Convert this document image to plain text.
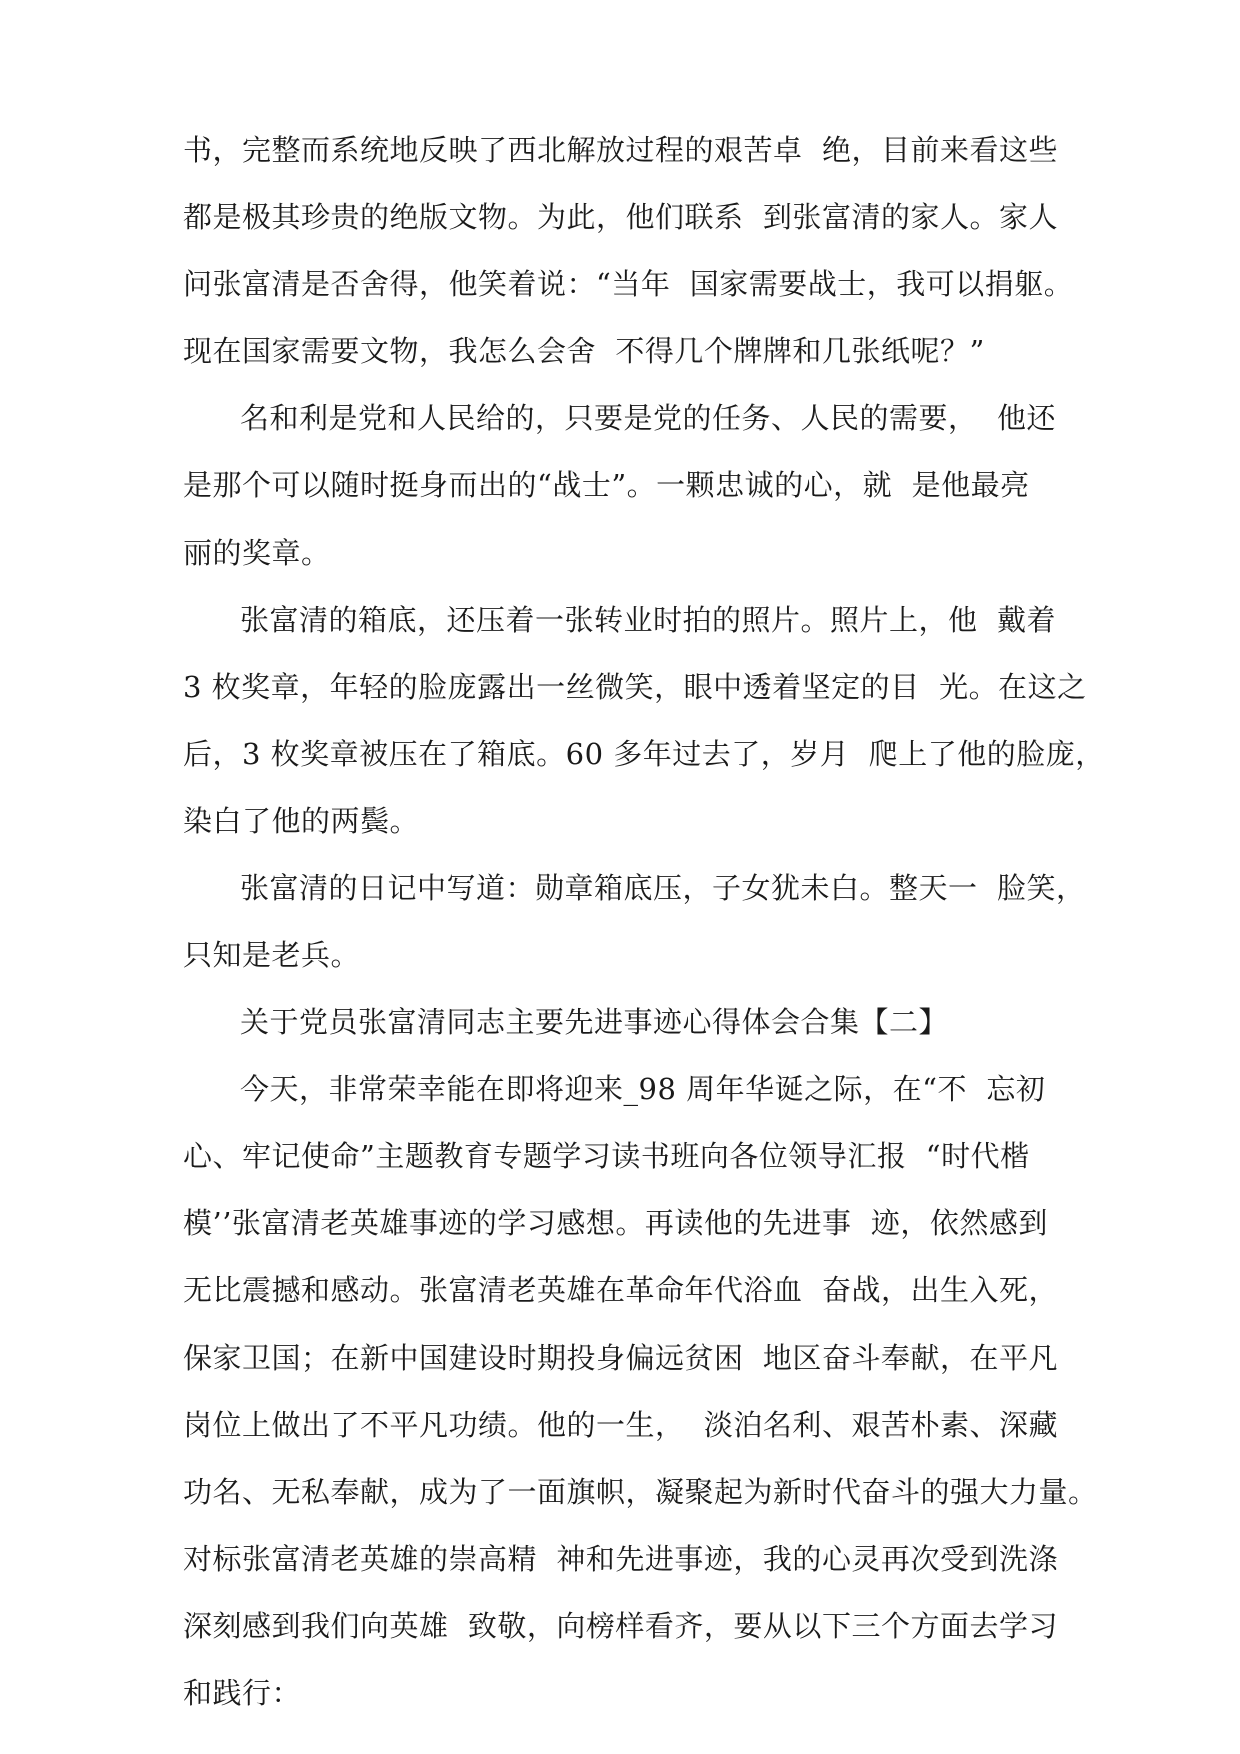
书，完整而系统地反映了西北解放过程的艰苦卓  绝，目前来看这些
都是极其珍贵的绝版文物。为此，他们联系  到张富清的家人。家人
问张富清是否舍得，他笑着说：“当年  国家需要战士，我可以捐躯。
现在国家需要文物，我怎么会舍  不得几个牌牌和几张纸呢？”
名和利是党和人民给的，只要是党的任务、人民的需要，  他还
是那个可以随时挺身而出的“战士”。一颗忠诚的心，就  是他最亮
丽的奖章。
张富清的箱底，还压着一张转业时拍的照片。照片上，他  戴着
3 枚奖章，年轻的脸庞露出一丝微笑，眼中透着坚定的目  光。在这之
后，3 枚奖章被压在了箱底。60 多年过去了，岁月  爬上了他的脸庞，
染白了他的两鬓。
张富清的日记中写道：勋章箱底压，子女犹未白。整天一  脸笑，
只知是老兵。
关于党员张富清同志主要先进事迹心得体会合集【二】
今天，非常荣幸能在即将迎来_98 周年华诞之际，在“不  忘初
心、牢记使命”主题教育专题学习读书班向各位领导汇报  “时代楷
模’’张富清老英雄事迹的学习感想。再读他的先进事  迹，依然感到
无比震撼和感动。张富清老英雄在革命年代浴血  奋战，出生入死，
保家卫国；在新中国建设时期投身偏远贫困  地区奋斗奉献，在平凡
岗位上做出了不平凡功绩。他的一生，  淡泊名利、艰苦朴素、深藏
功名、无私奉献，成为了一面旗帜，凝聚起为新时代奋斗的强大力量。
对标张富清老英雄的崇高精  神和先进事迹，我的心灵再次受到洗涤
深刻感到我们向英雄  致敬，向榜样看齐，要从以下三个方面去学习
和践行：
